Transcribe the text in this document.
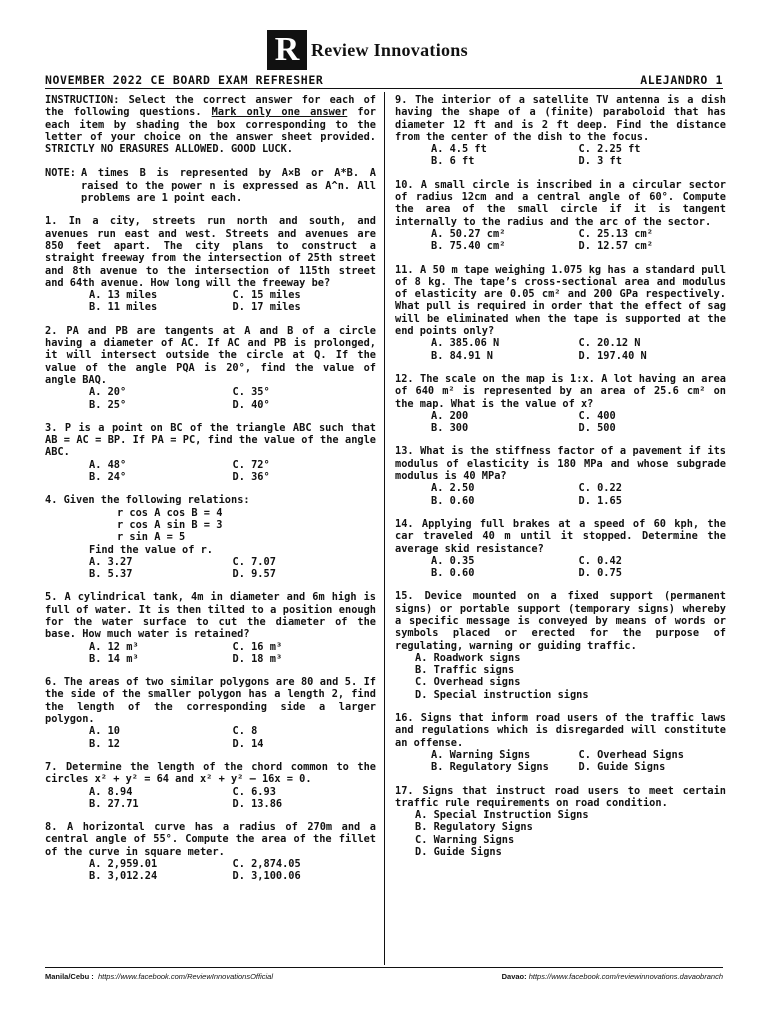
R Review Innovations
NOVEMBER 2022 CE BOARD EXAM REFRESHER	ALEJANDRO 1

INSTRUCTION: Select the correct answer for each of the following questions. Mark only one answer for each item by shading the box corresponding to the letter of your choice on the answer sheet provided. STRICTLY NO ERASURES ALLOWED. GOOD LUCK.

NOTE: A times B is represented by A×B or A*B. A raised to the power n is expressed as A^n. All problems are 1 point each.

1. In a city, streets run north and south, and avenues run east and west. Streets and avenues are 850 feet apart. The city plans to construct a straight freeway from the intersection of 25th street and 8th avenue to the intersection of 115th street and 64th avenue. How long will the freeway be?

A. 13 miles	C. 15 miles
B. 11 miles	D. 17 miles

2. PA and PB are tangents at A and B of a circle having a diameter of AC. If AC and PB is prolonged, it will intersect outside the circle at Q. If the value of the angle PQA is 20°, find the value of angle BAQ.

A. 20°	C. 35°
B. 25°	D. 40°

3. P is a point on BC of the triangle ABC such that AB = AC = BP. If PA = PC, find the value of the angle ABC.

A. 48°	C. 72°
B. 24°	D. 36°

4. Given the following relations:

r cos A cos B = 4
r cos A sin B = 3
r sin A = 5
Find the value of r.
A. 3.27	C. 7.07
B. 5.37	D. 9.57

5. A cylindrical tank, 4m in diameter and 6m high is full of water. It is then tilted to a position enough for the water surface to cut the diameter of the base. How much water is retained?

A. 12 m³	C. 16 m³
B. 14 m³	D. 18 m³

6. The areas of two similar polygons are 80 and 5. If the side of the smaller polygon has a length 2, find the length of the corresponding side a larger polygon.

A. 10	C. 8
B. 12	D. 14

7. Determine the length of the chord common to the circles x² + y² = 64 and x² + y² – 16x = 0.

A. 8.94	C. 6.93
B. 27.71	D. 13.86

8. A horizontal curve has a radius of 270m and a central angle of 55°. Compute the area of the fillet of the curve in square meter.

A. 2,959.01	C. 2,874.05
B. 3,012.24	D. 3,100.06

9. The interior of a satellite TV antenna is a dish having the shape of a (finite) paraboloid that has diameter 12 ft and is 2 ft deep. Find the distance from the center of the dish to the focus.

A. 4.5 ft	C. 2.25 ft
B. 6 ft	D. 3 ft

10. A small circle is inscribed in a circular sector of radius 12cm and a central angle of 60°. Compute the area of the small circle if it is tangent internally to the radius and the arc of the sector.

A. 50.27 cm²	C. 25.13 cm²
B. 75.40 cm²	D. 12.57 cm²

11. A 50 m tape weighing 1.075 kg has a standard pull of 8 kg. The tape’s cross-sectional area and modulus of elasticity are 0.05 cm² and 200 GPa respectively. What pull is required in order that the effect of sag will be eliminated when the tape is supported at the end points only?

A. 385.06 N	C. 20.12 N
B. 84.91 N	D. 197.40 N

12. The scale on the map is 1:x. A lot having an area of 640 m² is represented by an area of 25.6 cm² on the map. What is the value of x?

A. 200	C. 400
B. 300	D. 500

13. What is the stiffness factor of a pavement if its modulus of elasticity is 180 MPa and whose subgrade modulus is 40 MPa?

A. 2.50	C. 0.22
B. 0.60	D. 1.65

14. Applying full brakes at a speed of 60 kph, the car traveled 40 m until it stopped. Determine the average skid resistance?

A. 0.35	C. 0.42
B. 0.60	D. 0.75

15. Device mounted on a fixed support (permanent signs) or portable support (temporary signs) whereby a specific message is conveyed by means of words or symbols placed or erected for the purpose of regulating, warning or guiding traffic.

A. Roadwork signs
B. Traffic signs
C. Overhead signs
D. Special instruction signs

16. Signs that inform road users of the traffic laws and regulations which is disregarded will constitute an offense.

A. Warning Signs	C. Overhead Signs
B. Regulatory Signs	D. Guide Signs

17. Signs that instruct road users to meet certain traffic rule requirements on road condition.

A. Special Instruction Signs
B. Regulatory Signs
C. Warning Signs
D. Guide Signs
Manila/Cebu : https://www.facebook.com/ReviewInnovationsOfficial	Davao: https://www.facebook.com/reviewinnovations.davaobranch
